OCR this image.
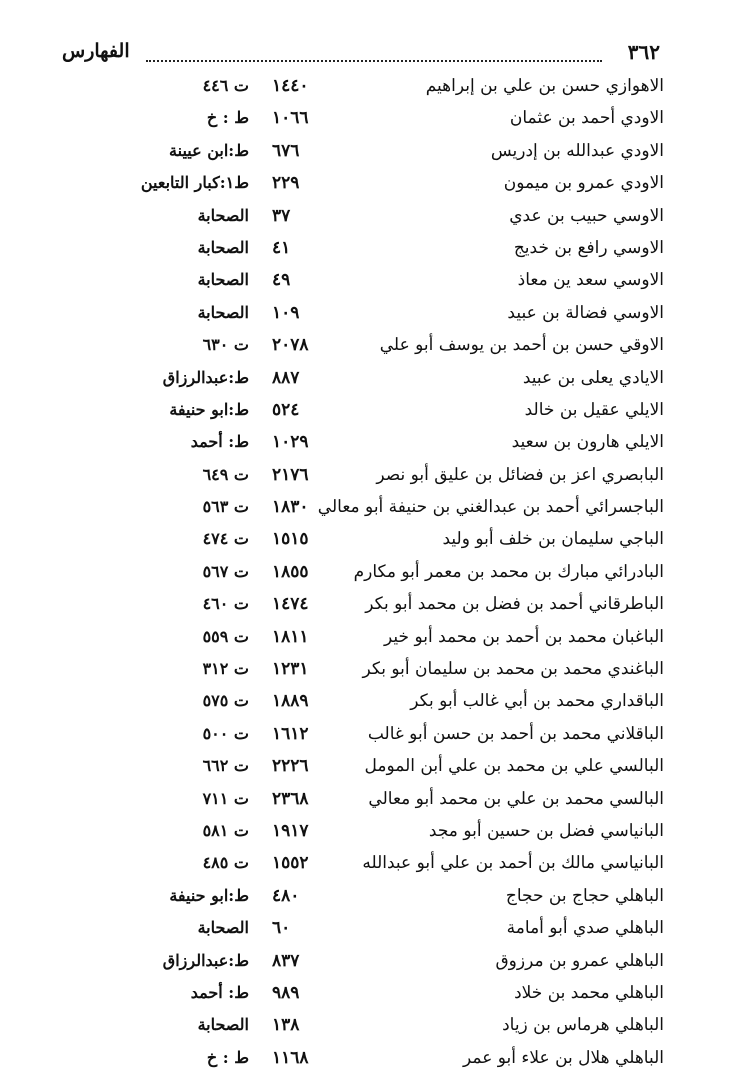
٣٦٢
الفهارس
الاهوازي حسن بن علي بن إبراهيم
١٤٤٠
ت ٤٤٦
الاودي أحمد بن عثمان
١٠٦٦
ط : خ
الاودي عبدالله بن إدريس
٦٧٦
ط:ابن عيينة
الاودي عمرو بن ميمون
٢٢٩
ط١:كبار التابعين
الاوسي حبيب بن عدي
٣٧
الصحابة
الاوسي رافع بن خديج
٤١
الصحابة
الاوسي سعد ين معاذ
٤٩
الصحابة
الاوسي فضالة بن عبيد
١٠٩
الصحابة
الاوقي حسن بن أحمد بن يوسف أبو علي
٢٠٧٨
ت ٦٣٠
الايادي يعلى بن عبيد
٨٨٧
ط:عبدالرزاق
الايلي عقيل بن خالد
٥٢٤
ط:ابو حنيفة
الايلي هارون بن سعيد
١٠٢٩
ط: أحمد
البابصري اعز بن فضائل بن عليق أبو نصر
٢١٧٦
ت ٦٤٩
الباجسرائي أحمد بن عبدالغني بن حنيفة أبو معالي
١٨٣٠
ت ٥٦٣
الباجي سليمان بن خلف أبو وليد
١٥١٥
ت ٤٧٤
البادرائي مبارك بن محمد بن معمر أبو مكارم
١٨٥٥
ت ٥٦٧
الباطرقاني أحمد بن فضل بن محمد أبو بكر
١٤٧٤
ت ٤٦٠
الباغبان محمد بن أحمد بن محمد أبو خير
١٨١١
ت ٥٥٩
الباغندي محمد بن محمد بن سليمان أبو بكر
١٢٣١
ت ٣١٢
الباقداري محمد بن أبي غالب أبو بكر
١٨٨٩
ت ٥٧٥
الباقلاني محمد بن أحمد بن حسن أبو غالب
١٦١٢
ت ٥٠٠
البالسي علي بن محمد بن علي أبن المومل
٢٢٢٦
ت ٦٦٢
البالسي محمد بن علي بن محمد أبو معالي
٢٣٦٨
ت ٧١١
البانياسي فضل بن حسين أبو مجد
١٩١٧
ت ٥٨١
البانياسي مالك بن أحمد بن علي أبو عبدالله
١٥٥٢
ت ٤٨٥
الباهلي حجاج بن حجاج
٤٨٠
ط:ابو حنيفة
الباهلي صدي أبو أمامة
٦٠
الصحابة
الباهلي عمرو بن مرزوق
٨٣٧
ط:عبدالرزاق
الباهلي محمد بن خلاد
٩٨٩
ط: أحمد
الباهلي هرماس بن زياد
١٣٨
الصحابة
الباهلي هلال بن علاء أبو عمر
١١٦٨
ط : خ
